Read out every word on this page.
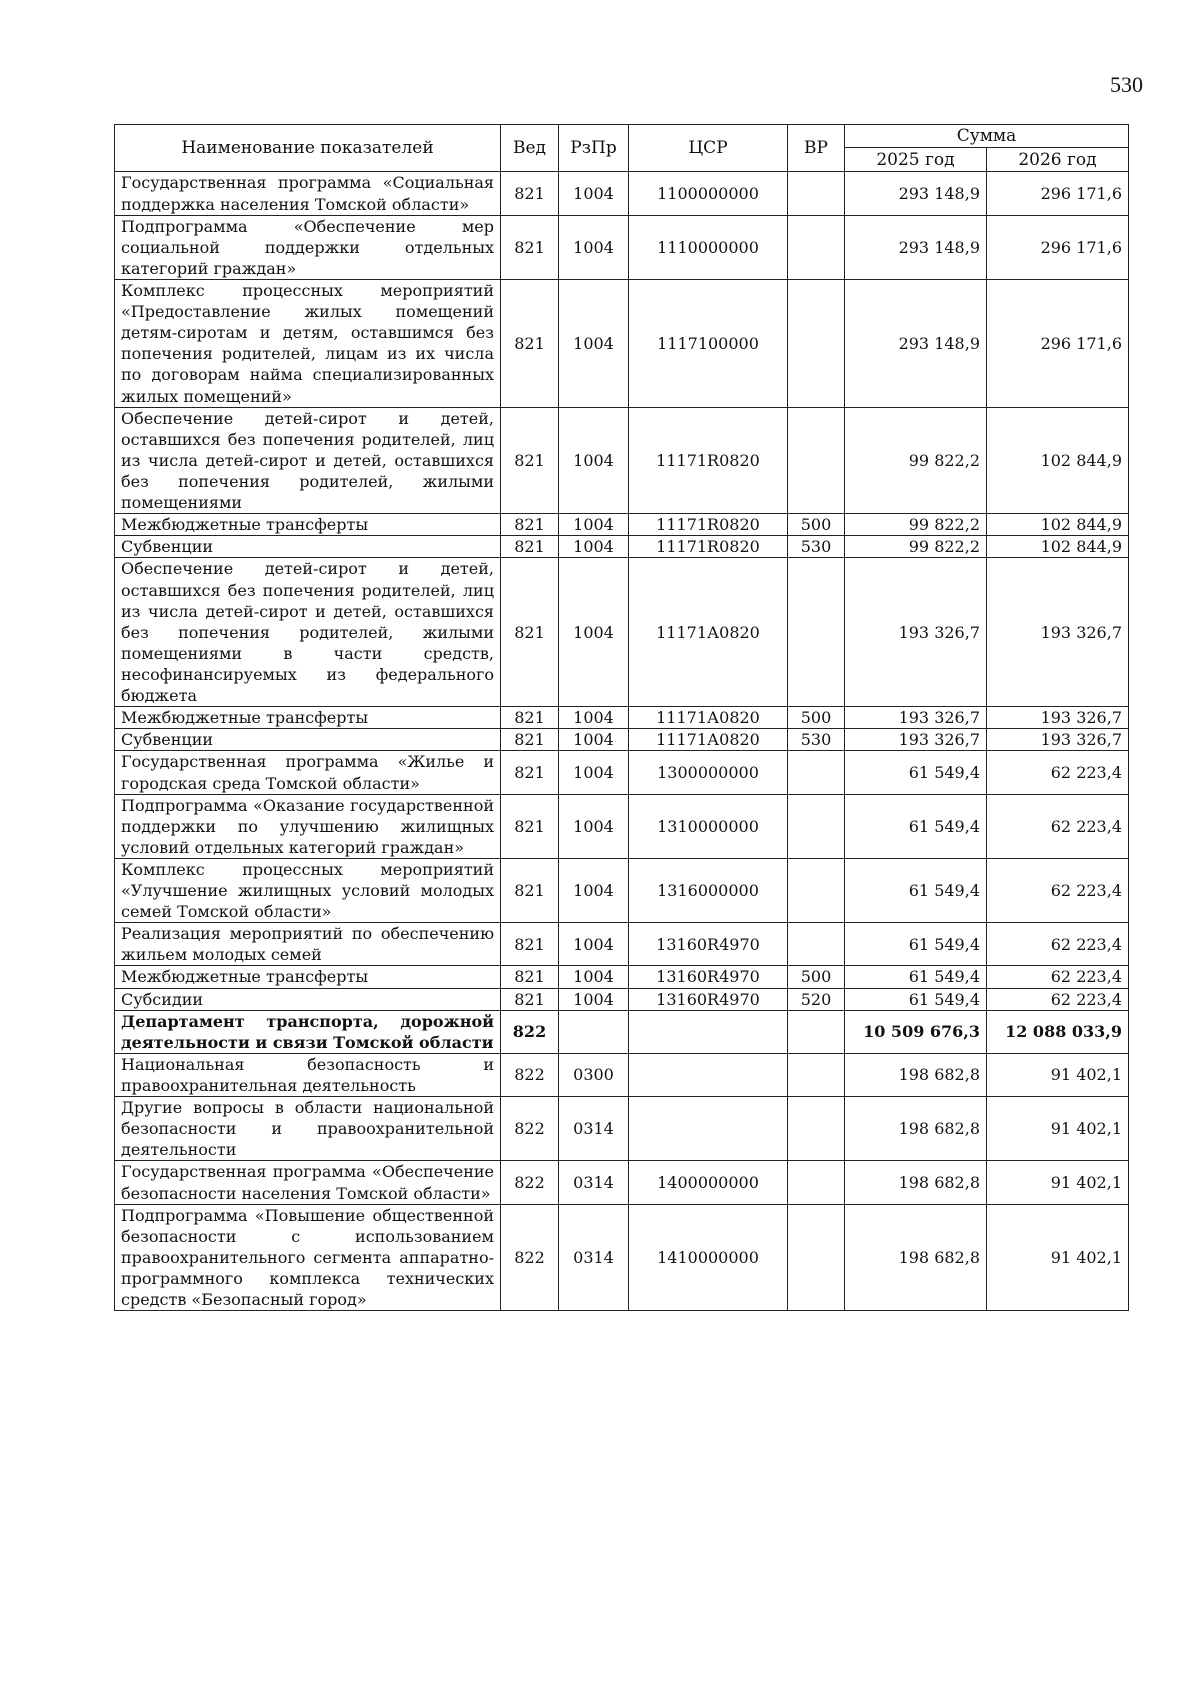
530
Наименование показателей	Вед	РзПр	ЦСР	ВР	Сумма	
					2025 год	2026 год
Государственная программа «Социальная поддержка населения Томской области»	821	1004	1100000000		293 148,9	296 171,6
Подпрограмма «Обеспечение мер социальной поддержки отдельных категорий граждан»	821	1004	1110000000		293 148,9	296 171,6
Комплекс процессных мероприятий «Предоставление жилых помещений детям-сиротам и детям, оставшимся без попечения родителей, лицам из их числа по договорам найма специализированных жилых помещений»	821	1004	1117100000		293 148,9	296 171,6
Обеспечение детей-сирот и детей, оставшихся без попечения родителей, лиц из числа детей-сирот и детей, оставшихся без попечения родителей, жилыми помещениями	821	1004	11171R0820		99 822,2	102 844,9
Межбюджетные трансферты	821	1004	11171R0820	500	99 822,2	102 844,9
Субвенции	821	1004	11171R0820	530	99 822,2	102 844,9
Обеспечение детей-сирот и детей, оставшихся без попечения родителей, лиц из числа детей-сирот и детей, оставшихся без попечения родителей, жилыми помещениями в части средств, несофинансируемых из федерального бюджета	821	1004	11171А0820		193 326,7	193 326,7
Межбюджетные трансферты	821	1004	11171А0820	500	193 326,7	193 326,7
Субвенции	821	1004	11171А0820	530	193 326,7	193 326,7
Государственная программа «Жилье и городская среда Томской области»	821	1004	1300000000		61 549,4	62 223,4
Подпрограмма «Оказание государственной поддержки по улучшению жилищных условий отдельных категорий граждан»	821	1004	1310000000		61 549,4	62 223,4
Комплекс процессных мероприятий «Улучшение жилищных условий молодых семей Томской области»	821	1004	1316000000		61 549,4	62 223,4
Реализация мероприятий по обеспечению жильем молодых семей	821	1004	13160R4970		61 549,4	62 223,4
Межбюджетные трансферты	821	1004	13160R4970	500	61 549,4	62 223,4
Субсидии	821	1004	13160R4970	520	61 549,4	62 223,4
Департамент транспорта, дорожной деятельности и связи Томской области	822				10 509 676,3	12 088 033,9
Национальная безопасность и правоохранительная деятельность	822	0300			198 682,8	91 402,1
Другие вопросы в области национальной безопасности и правоохранительной деятельности	822	0314			198 682,8	91 402,1
Государственная программа «Обеспечение безопасности населения Томской области»	822	0314	1400000000		198 682,8	91 402,1
Подпрограмма «Повышение общественной безопасности с использованием правоохранительного сегмента аппаратно-программного комплекса технических средств «Безопасный город»	822	0314	1410000000		198 682,8	91 402,1
